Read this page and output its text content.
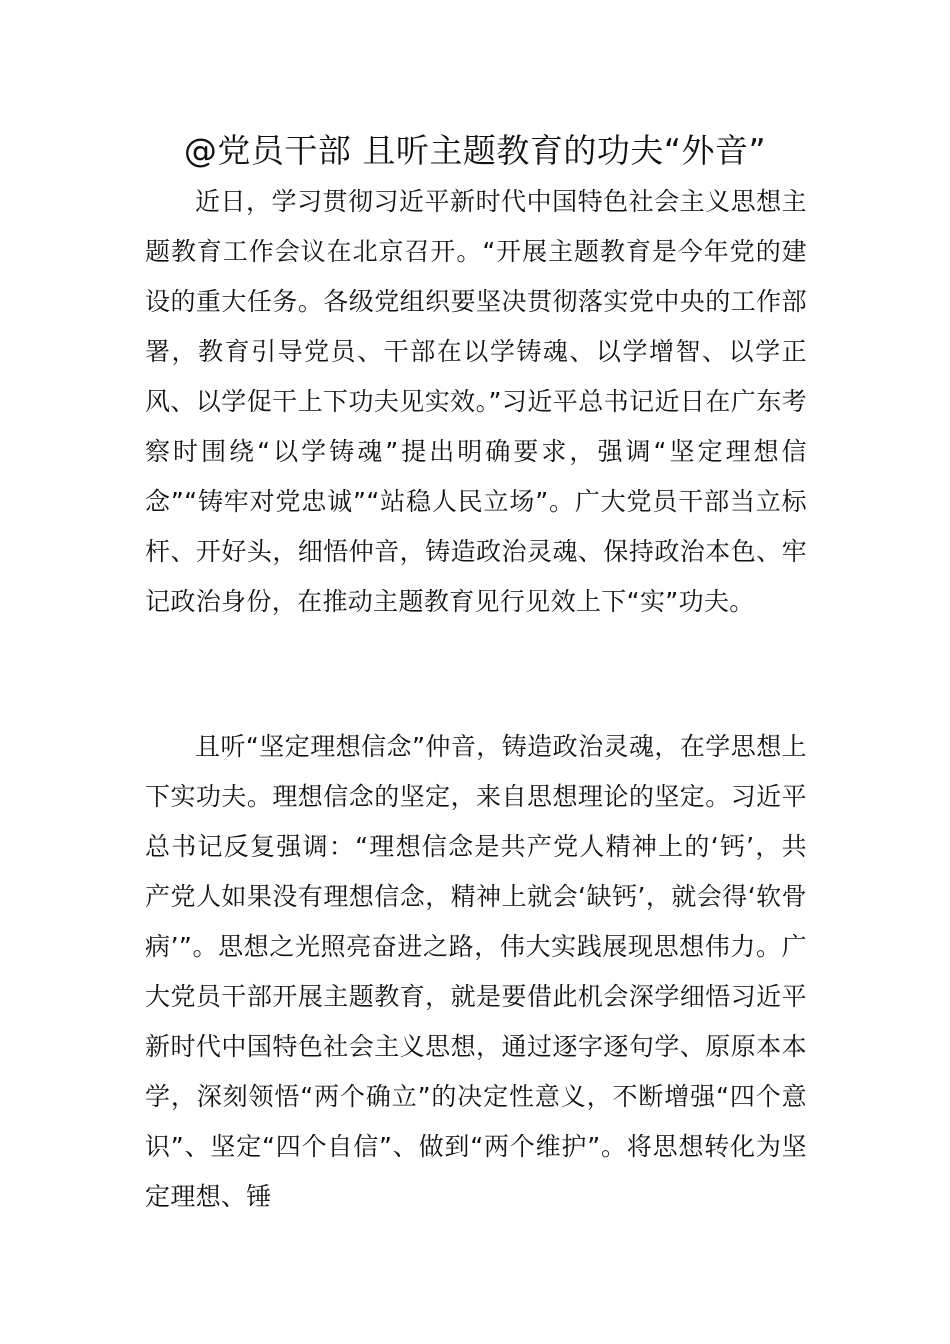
@党员干部 且听主题教育的功夫“外音”

近日，学习贯彻习近平新时代中国特色社会主义思想主题教育工作会议在北京召开。“开展主题教育是今年党的建设的重大任务。各级党组织要坚决贯彻落实党中央的工作部署，教育引导党员、干部在以学铸魂、以学增智、以学正风、以学促干上下功夫见实效。”习近平总书记近日在广东考察时围绕“以学铸魂”提出明确要求，强调“坚定理想信念”“铸牢对党忠诚”“站稳人民立场”。广大党员干部当立标杆、开好头，细悟仲音，铸造政治灵魂、保持政治本色、牢记政治身份，在推动主题教育见行见效上下“实”功夫。

且听“坚定理想信念”仲音，铸造政治灵魂，在学思想上下实功夫。理想信念的坚定，来自思想理论的坚定。习近平总书记反复强调：“理想信念是共产党人精神上的‘钙’，共产党人如果没有理想信念，精神上就会‘缺钙’，就会得‘软骨病’”。思想之光照亮奋进之路，伟大实践展现思想伟力。广大党员干部开展主题教育，就是要借此机会深学细悟习近平新时代中国特色社会主义思想，通过逐字逐句学、原原本本学，深刻领悟“两个确立”的决定性意义，不断增强“四个意识”、坚定“四个自信”、做到“两个维护”。将思想转化为坚定理想、锤
